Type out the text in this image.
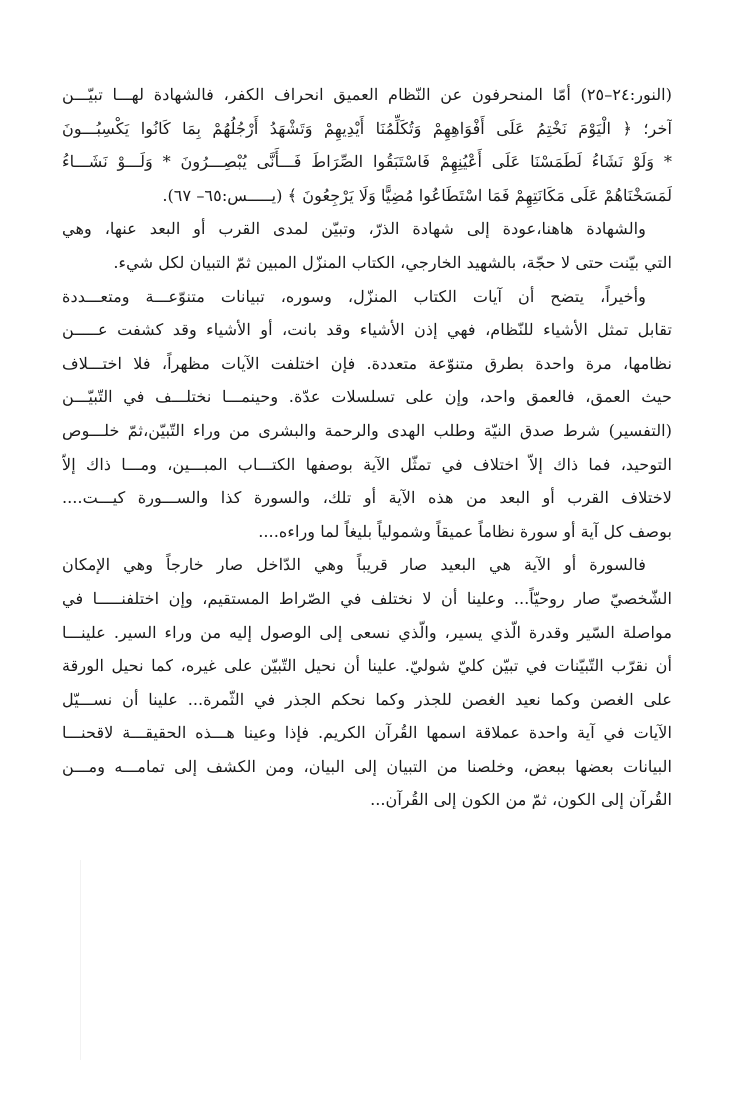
(النور:٢٤–٢٥) أمّا المنحرفون عن النّظام العميق انحراف الكفر، فالشهادة لهـــا تبيّـــن
آخر؛ ﴿ الْيَوْمَ نَخْتِمُ عَلَى أَفْوَاهِهِمْ وَتُكَلِّمُنَا أَيْدِيهِمْ وَتَشْهَدُ أَرْجُلُهُمْ بِمَا كَانُوا يَكْسِبُـــونَ
* وَلَوْ نَشَاءُ لَطَمَسْنَا عَلَى أَعْيُنِهِمْ فَاسْتَبَقُوا الصِّرَاطَ فَـــأَنَّى يُبْصِـــرُونَ * وَلَـــوْ نَشَـــاءُ
لَمَسَخْنَاهُمْ عَلَى مَكَانَتِهِمْ فَمَا اسْتَطَاعُوا مُضِيًّا وَلَا يَرْجِعُونَ ﴾ (يـــــس:٦٥– ٦٧).

والشهادة هاهنا،عودة إلى شهادة الذرّ، وتبيّن لمدى القرب أو البعد عنها، وهي
التي بيّنت حتى لا حجّة، بالشهيد الخارجي، الكتاب المنزّل المبين ثمّ التبيان لكل شيء.

وأخيراً، يتضح أن آيات الكتاب المنزّل، وسوره، تبيانات متنوّعـــة ومتعـــددة
تقابل تمثل الأشياء للنّظام، فهي إذن الأشياء وقد بانت، أو الأشياء وقد كشفت عـــــن
نظامها، مرة واحدة بطرق متنوّعة متعددة. فإن اختلفت الآيات مظهراً، فلا اختـــلاف
حيث العمق، فالعمق واحد، وإن على تسلسلات عدّة. وحينمـــا نختلـــف في التّبيّـــن
(التفسير) شرط صدق النيّة وطلب الهدى والرحمة والبشرى من وراء التّبيّن،ثمّ خلـــوص
التوحيد، فما ذاك إلاّ اختلاف في تمثّل الآية بوصفها الكتـــاب المبـــين، ومـــا ذاك إلاّ
لاختلاف القرب أو البعد من هذه الآية أو تلك، والسورة كذا والســـورة كيـــت....
بوصف كل آية أو سورة نظاماً عميقاً وشمولياً بليغاً لما وراءه....

فالسورة أو الآية هي البعيد صار قريباً وهي الدّاخل صار خارجاً وهي الإمكان
الشّخصيّ صار روحيّاً... وعلينا أن لا نختلف في الصّراط المستقيم، وإن اختلفنـــــا في
مواصلة السّير وقدرة الّذي يسير، والّذي نسعى إلى الوصول إليه من وراء السير. علينـــا
أن نقرّب التّبيّنات في تبيّن كليّ شوليّ. علينا أن نحيل التّبيّن على غيره، كما نحيل الورقة
على الغصن وكما نعيد الغصن للجذر وكما نحكم الجذر في الثّمرة... علينا أن نســـيّل
الآيات في آية واحدة عملاقة اسمها القُرآن الكريم. فإذا وعينا هـــذه الحقيقـــة لاقحنـــا
البيانات بعضها ببعض، وخلصنا من التبيان إلى البيان، ومن الكشف إلى تمامـــه ومـــن
القُرآن إلى الكون، ثمّ من الكون إلى القُرآن...
